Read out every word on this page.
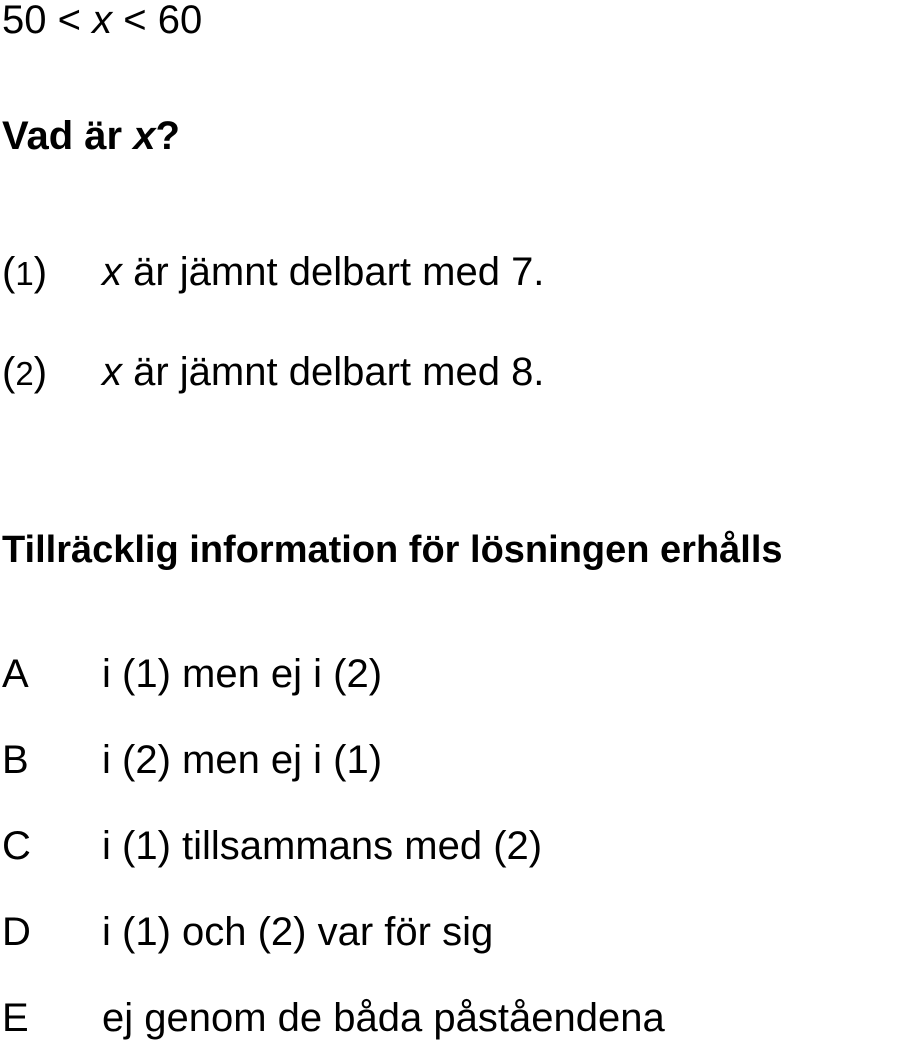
50 < x < 60
Vad är x?
(1) x är jämnt delbart med 7.
(2) x är jämnt delbart med 8.
Tillräcklig information för lösningen erhålls
A i (1) men ej i (2)
B i (2) men ej i (1)
C i (1) tillsammans med (2)
D i (1) och (2) var för sig
E ej genom de båda påståendena
